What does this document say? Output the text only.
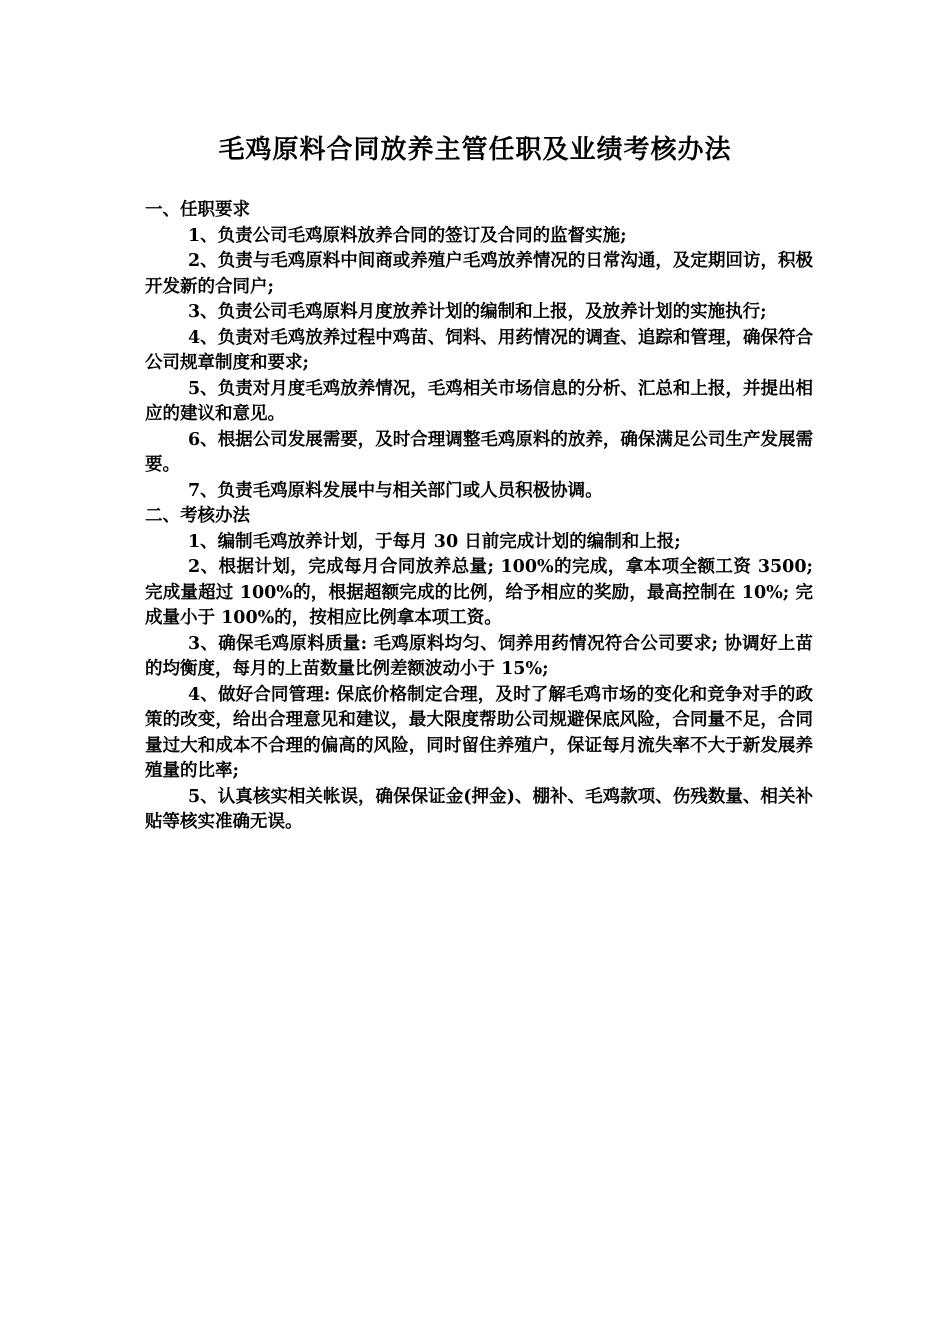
毛鸡原料合同放养主管任职及业绩考核办法
一、任职要求
1、负责公司毛鸡原料放养合同的签订及合同的监督实施;
2、负责与毛鸡原料中间商或养殖户毛鸡放养情况的日常沟通，及定期回访，积极开发新的合同户;
3、负责公司毛鸡原料月度放养计划的编制和上报，及放养计划的实施执行;
4、负责对毛鸡放养过程中鸡苗、饲料、用药情况的调查、追踪和管理，确保符合公司规章制度和要求;
5、负责对月度毛鸡放养情况，毛鸡相关市场信息的分析、汇总和上报，并提出相应的建议和意见。
6、根据公司发展需要，及时合理调整毛鸡原料的放养，确保满足公司生产发展需要。
7、负责毛鸡原料发展中与相关部门或人员积极协调。
二、考核办法
1、编制毛鸡放养计划，于每月 30 日前完成计划的编制和上报;
2、根据计划，完成每月合同放养总量; 100%的完成，拿本项全额工资 3500; 完成量超过 100%的，根据超额完成的比例，给予相应的奖励，最高控制在 10%; 完成量小于 100%的，按相应比例拿本项工资。
3、确保毛鸡原料质量: 毛鸡原料均匀、饲养用药情况符合公司要求; 协调好上苗的均衡度，每月的上苗数量比例差额波动小于 15%;
4、做好合同管理: 保底价格制定合理，及时了解毛鸡市场的变化和竞争对手的政策的改变，给出合理意见和建议，最大限度帮助公司规避保底风险，合同量不足，合同量过大和成本不合理的偏高的风险，同时留住养殖户，保证每月流失率不大于新发展养殖量的比率;
5、认真核实相关帐误，确保保证金(押金)、棚补、毛鸡款项、伤残数量、相关补贴等核实准确无误。
